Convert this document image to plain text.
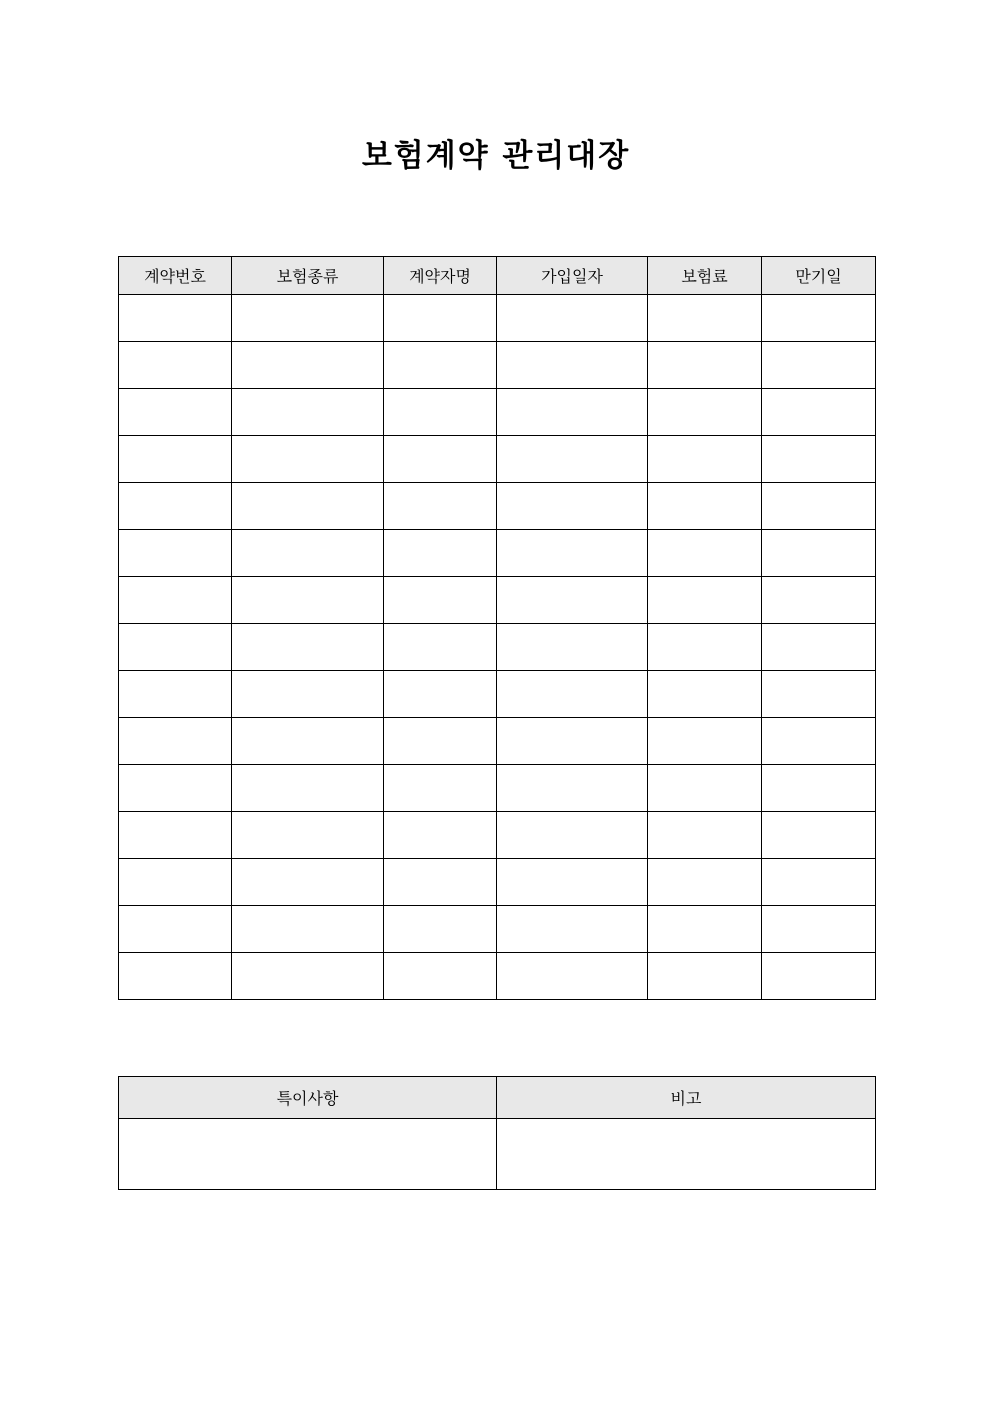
보험계약 관리대장
계약번호	보험종류	계약자명	가입일자	보험료	만기일

특이사항	비고
